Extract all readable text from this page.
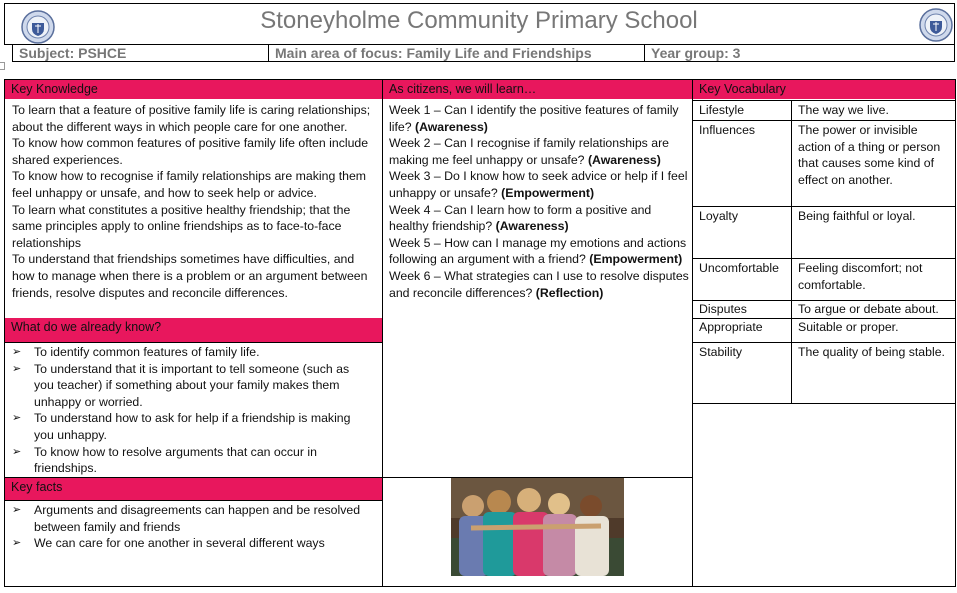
Stoneyholme Community Primary School
Subject: PSHCE	Main area of focus: Family Life and Friendships	Year group: 3
Key Knowledge

To learn that a feature of positive family life is caring relationships; about the different ways in which people care for one another.

To know how common features of positive family life often include shared experiences.

To know how to recognise if family relationships are making them feel unhappy or unsafe, and how to seek help or advice.

To learn what constitutes a positive healthy friendship; that the same principles apply to online friendships as to face-to-face relationships

To understand that friendships sometimes have difficulties, and how to manage when there is a problem or an argument between friends, resolve disputes and reconcile differences.

What do we already know?
➢ To identify common features of family life.
➢ To understand that it is important to tell someone (such as you teacher) if something about your family makes them unhappy or worried.
➢ To understand how to ask for help if a friendship is making you unhappy.
➢ To know how to resolve arguments that can occur in friendships.
Key facts
➢ Arguments and disagreements can happen and be resolved between family and friends
➢ We can care for one another in several different ways
As citizens, we will learn…

Week 1 – Can I identify the positive features of family life? (Awareness)

Week 2 – Can I recognise if family relationships are making me feel unhappy or unsafe? (Awareness)

Week 3 – Do I know how to seek advice or help if I feel unhappy or unsafe? (Empowerment)

Week 4 – Can I learn how to form a positive and healthy friendship? (Awareness)

Week 5 – How can I manage my emotions and actions following an argument with a friend? (Empowerment)

Week 6 – What strategies can I use to resolve disputes and reconcile differences? (Reflection)

Key Vocabulary
Lifestyle	The way we live.
Influences	The power or invisible action of a thing or person that causes some kind of effect on another.
Loyalty	Being faithful or loyal.
Uncomfortable	Feeling discomfort; not comfortable.
Disputes	To argue or debate about.
Appropriate	Suitable or proper.
Stability	The quality of being stable.
